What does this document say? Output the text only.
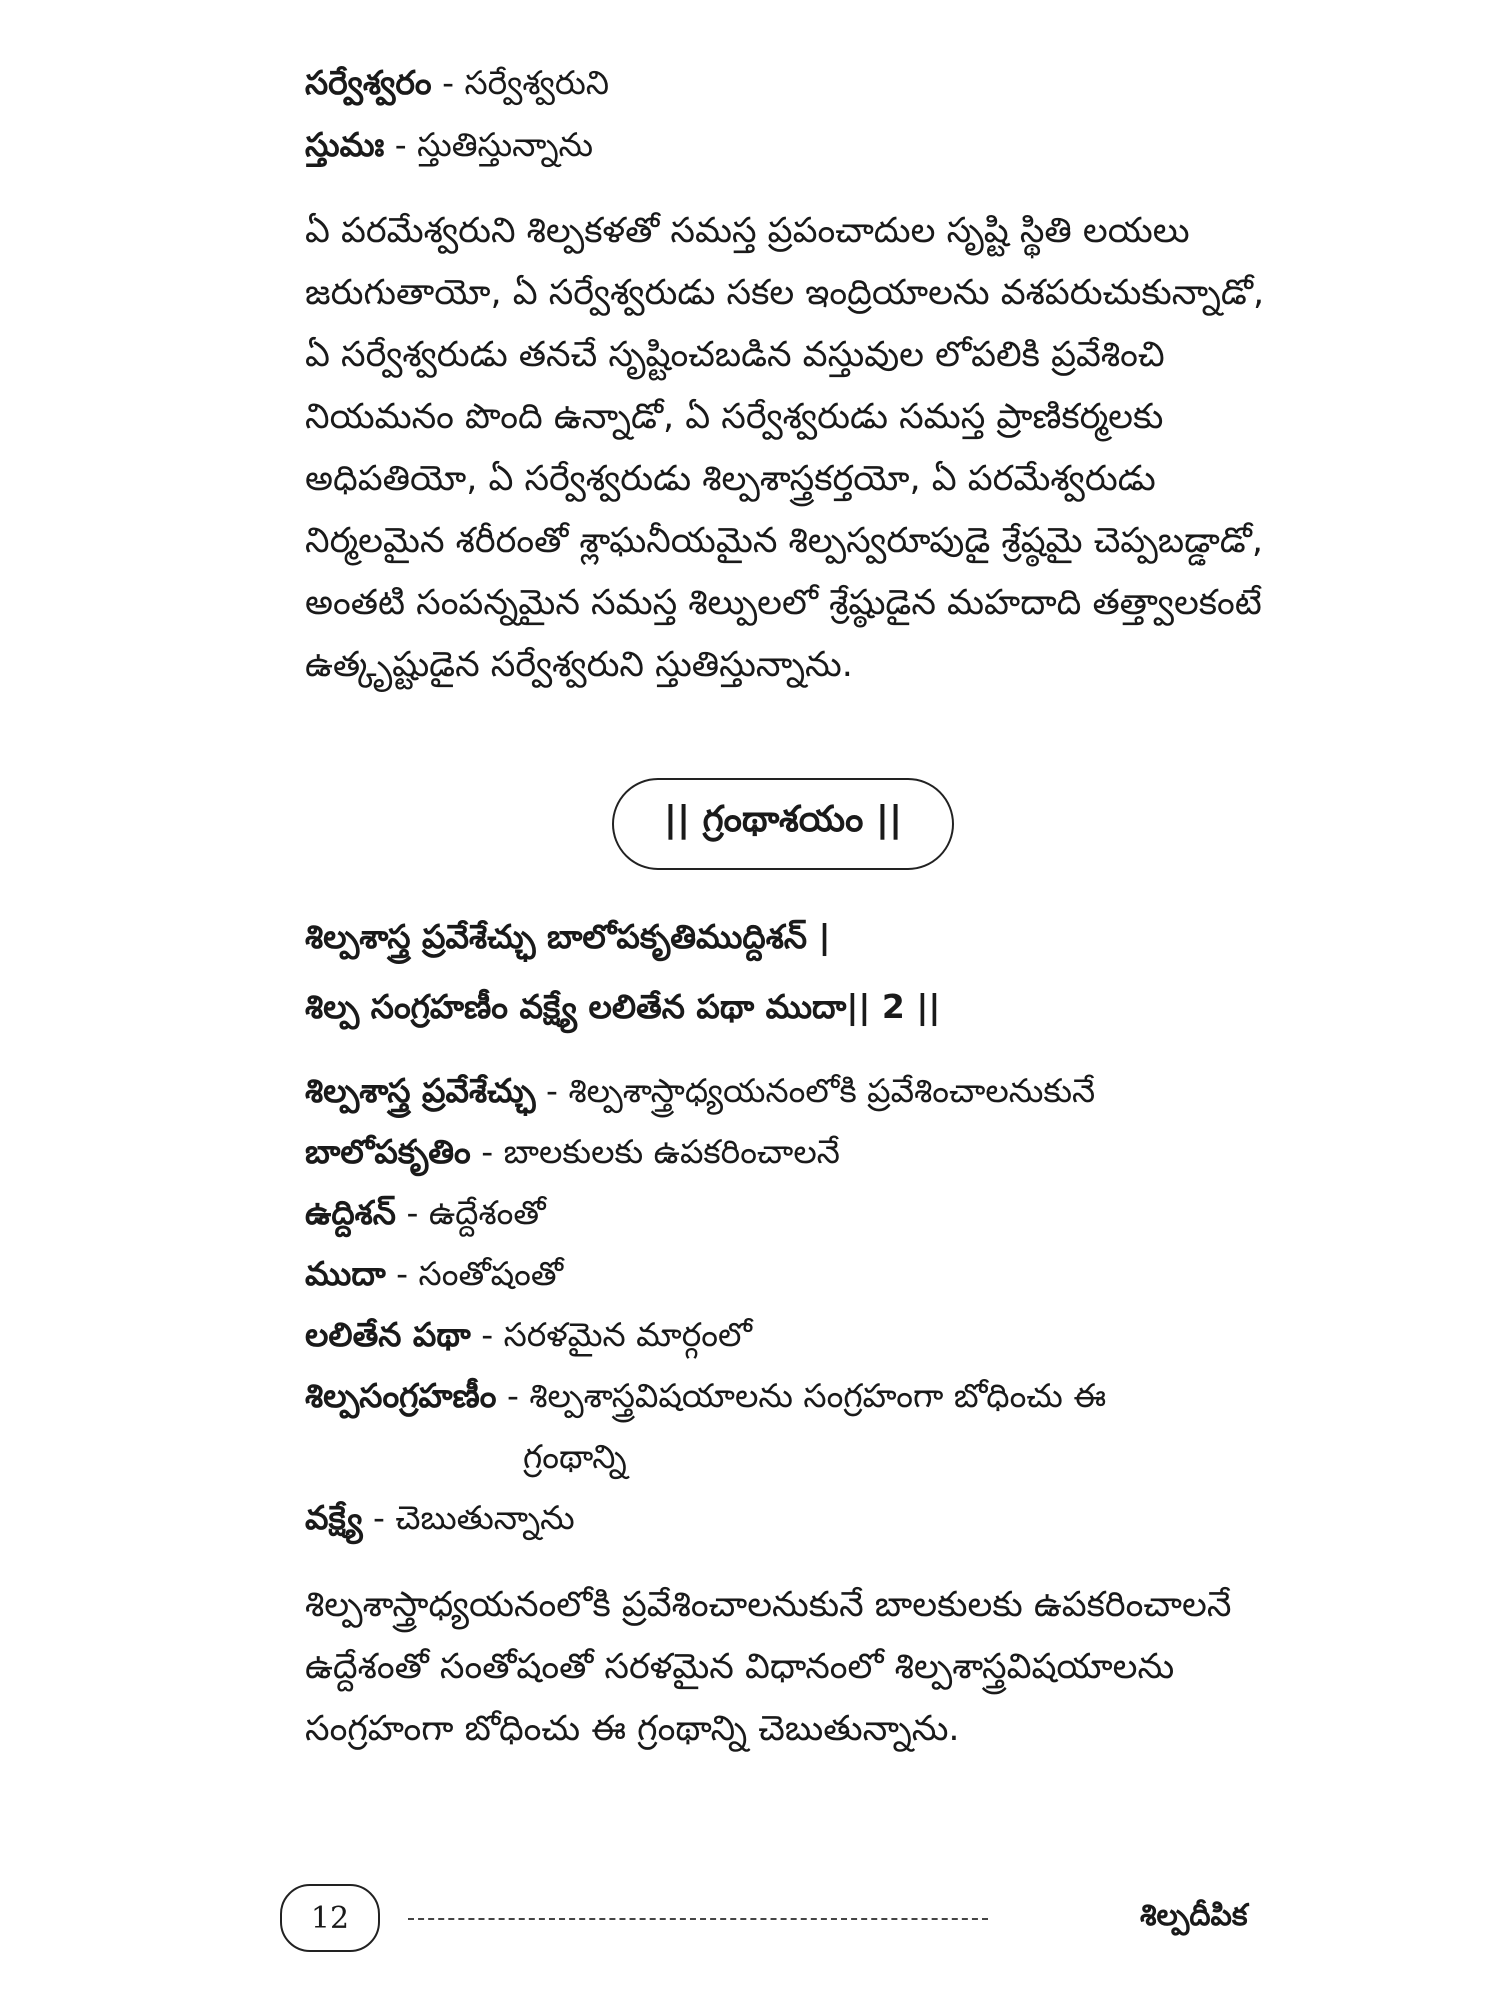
సర్వేశ్వరం - సర్వేశ్వరుని
స్తుమః - స్తుతిస్తున్నాను

ఏ పరమేశ్వరుని శిల్పకళతో సమస్త ప్రపంచాదుల సృష్టి స్థితి లయలు

జరుగుతాయో, ఏ సర్వేశ్వరుడు సకల ఇంద్రియాలను వశపరుచుకున్నాడో,

ఏ సర్వేశ్వరుడు తనచే సృష్టించబడిన వస్తువుల లోపలికి ప్రవేశించి

నియమనం పొంది ఉన్నాడో, ఏ సర్వేశ్వరుడు సమస్త ప్రాణికర్మలకు

అధిపతియో, ఏ సర్వేశ్వరుడు శిల్పశాస్త్రకర్తయో, ఏ పరమేశ్వరుడు

నిర్మలమైన శరీరంతో శ్లాఘనీయమైన శిల్పస్వరూపుడై శ్రేష్ఠమై చెప్పబడ్డాడో,

అంతటి సంపన్నమైన సమస్త శిల్పులలో శ్రేష్ఠుడైన మహదాది తత్త్వాలకంటే

ఉత్కృష్టుడైన సర్వేశ్వరుని స్తుతిస్తున్నాను.

|| గ్రంథాశయం ||
శిల్పశాస్త్ర ప్రవేశేచ్ఛు బాలోపకృతిముద్దిశన్ |
శిల్ప సంగ్రహణీం వక్ష్యే లలితేన పథా ముదా|| 2 ||
శిల్పశాస్త్ర ప్రవేశేచ్ఛు - శిల్పశాస్త్రాధ్యయనంలోకి ప్రవేశించాలనుకునే
బాలోపకృతిం - బాలకులకు ఉపకరించాలనే
ఉద్దిశన్ - ఉద్దేశంతో
ముదా - సంతోషంతో
లలితేన పథా - సరళమైన మార్గంలో
శిల్పసంగ్రహణీం - శిల్పశాస్త్రవిషయాలను సంగ్రహంగా బోధించు ఈ
గ్రంథాన్ని
వక్ష్యే - చెబుతున్నాను

శిల్పశాస్త్రాధ్యయనంలోకి ప్రవేశించాలనుకునే బాలకులకు ఉపకరించాలనే

ఉద్దేశంతో సంతోషంతో సరళమైన విధానంలో శిల్పశాస్త్రవిషయాలను

సంగ్రహంగా బోధించు ఈ గ్రంథాన్ని చెబుతున్నాను.

12	శిల్పదీపిక
